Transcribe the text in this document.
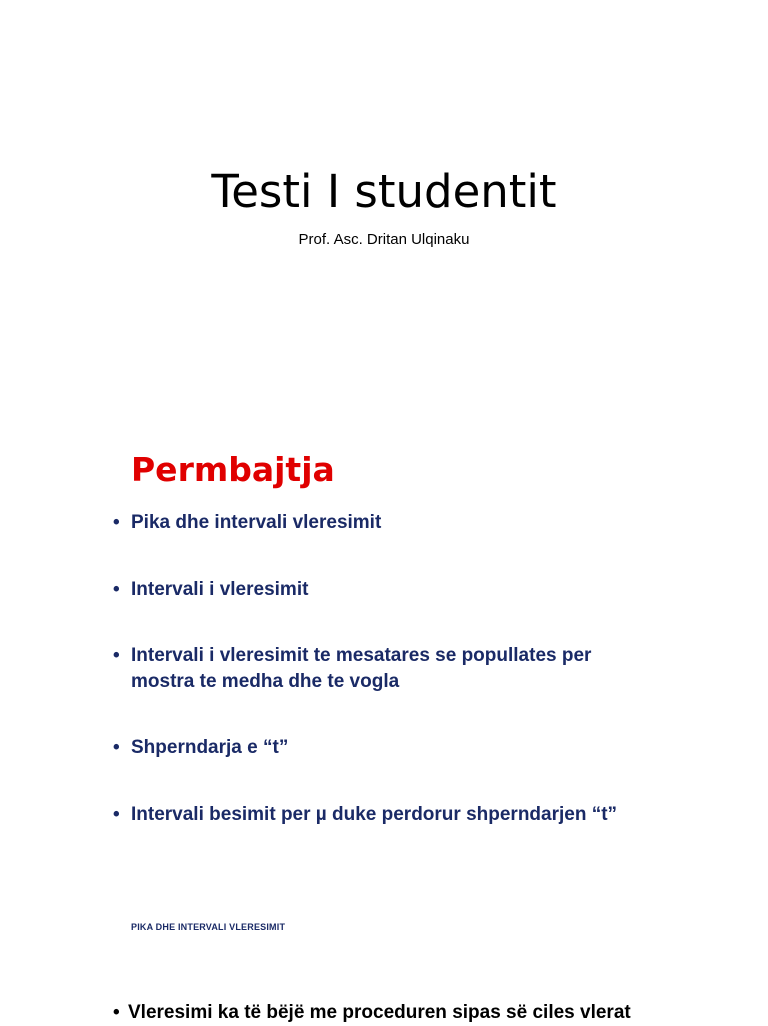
Testi I studentit
Prof. Asc. Dritan Ulqinaku
Permbajtja
• Pika dhe intervali vleresimit
• Intervali i vleresimit
• Intervali i vleresimit te mesatares se popullates per mostra te medha dhe te vogla
• Shperndarja e “t”
• Intervali besimit per µ duke perdorur shperndarjen “t”
PIKA DHE INTERVALI VLERESIMIT
• Vleresimi ka të bëjë me proceduren sipas së ciles vlerat
